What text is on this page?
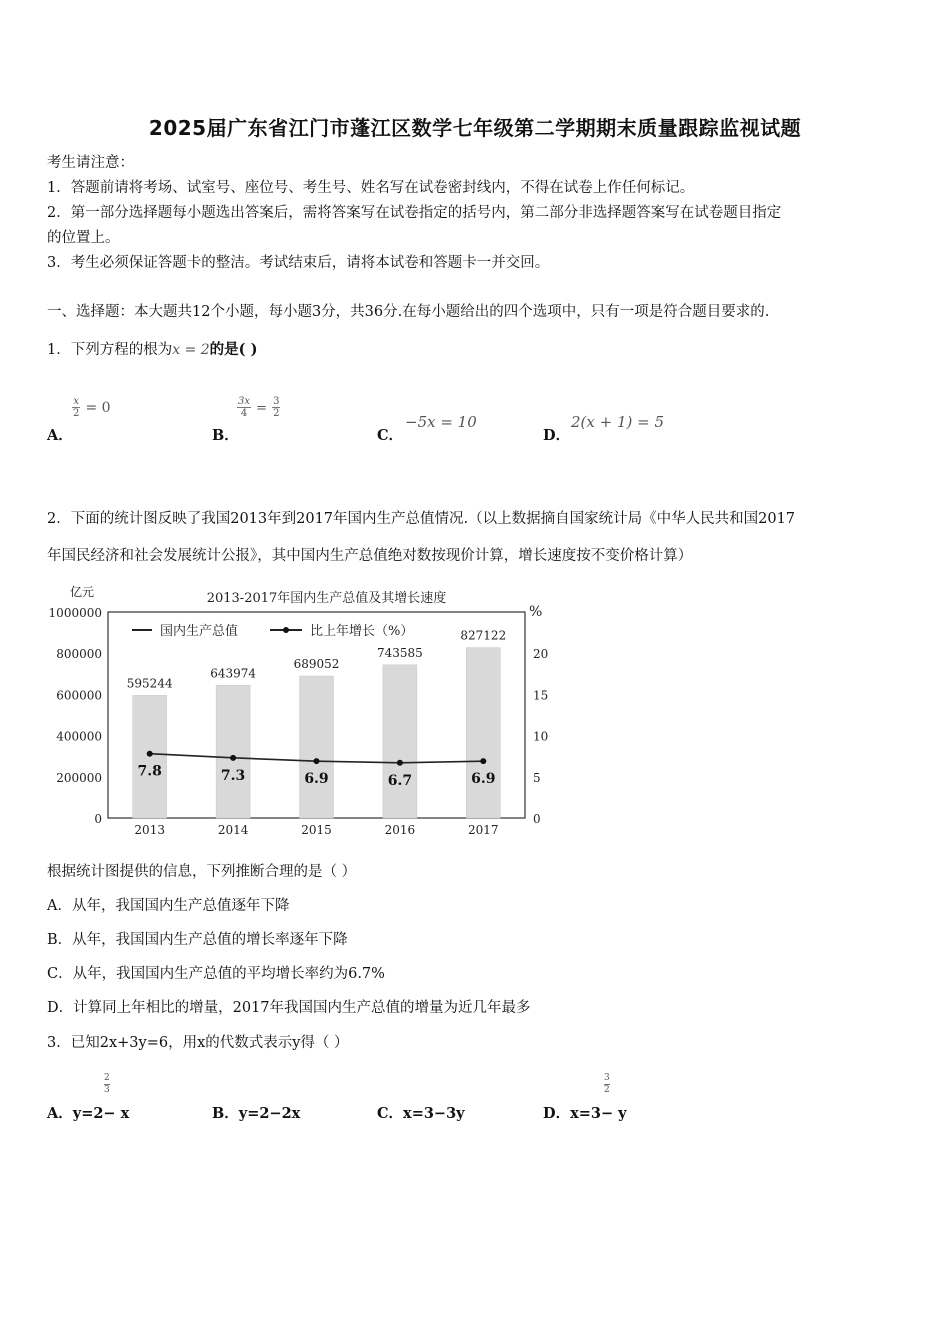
2025届广东省江门市蓬江区数学七年级第二学期期末质量跟踪监视试题
考生请注意：
1．答题前请将考场、试室号、座位号、考生号、姓名写在试卷密封线内，不得在试卷上作任何标记。
2．第一部分选择题每小题选出答案后，需将答案写在试卷指定的括号内，第二部分非选择题答案写在试卷题目指定
的位置上。
3．考生必须保证答题卡的整洁。考试结束后，请将本试卷和答题卡一并交回。
一、选择题：本大题共12个小题，每小题3分，共36分.在每小题给出的四个选项中，只有一项是符合题目要求的.
1．下列方程的根为x = 2的是( )
$\frac{x}{2} = 0$
A．
$\frac{3x}{4} = \frac{3}{2}$
B．
−5x = 10
C．
2(x + 1) = 5
D．
2．下面的统计图反映了我国2013年到2017年国内生产总值情况.（以上数据摘自国家统计局《中华人民共和国2017
年国民经济和社会发展统计公报》，其中国内生产总值绝对数按现价计算，增长速度按不变价格计算）
2013-2017年国内生产总值及其增长速度
亿元
%
1000000
800000
600000
400000
200000
0
20
15
10
5
0
595244
2013
643974
2014
689052
2015
743585
2016
827122
2017
7.8	7.3	6.9	6.7	6.9
国内生产总值	比上年增长（%）
根据统计图提供的信息，下列推断合理的是（ ）
A．从年，我国国内生产总值逐年下降
B．从年，我国国内生产总值的增长率逐年下降
C．从年，我国国内生产总值的平均增长率约为6.7%
D．计算同上年相比的增量，2017年我国国内生产总值的增量为近几年最多
3．已知2x+3y=6，用x的代数式表示y得（ ）
2
3
A．y=2− x	B．y=2−2x	C．x=3−3y
3
2
D．x=3− y
